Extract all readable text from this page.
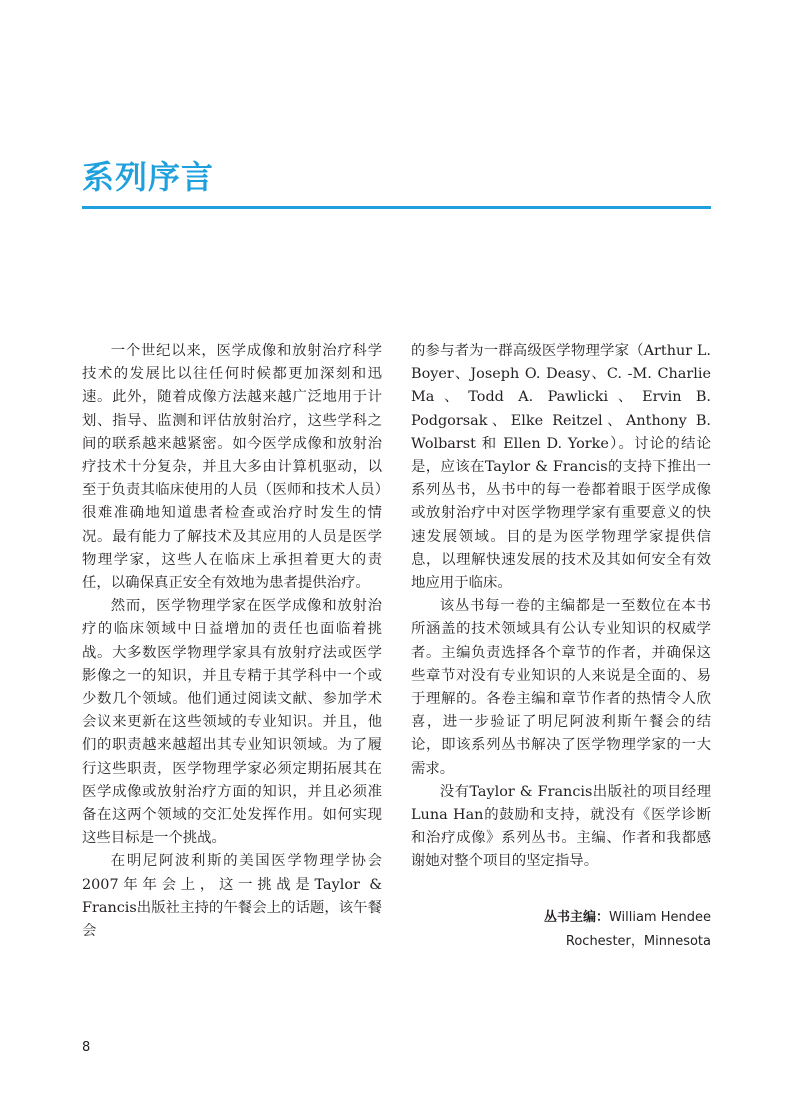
系列序言

一个世纪以来，医学成像和放射治疗科学技术的发展比以往任何时候都更加深刻和迅速。此外，随着成像方法越来越广泛地用于计划、指导、监测和评估放射治疗，这些学科之间的联系越来越紧密。如今医学成像和放射治疗技术十分复杂，并且大多由计算机驱动，以至于负责其临床使用的人员（医师和技术人员）很难准确地知道患者检查或治疗时发生的情况。最有能力了解技术及其应用的人员是医学物理学家，这些人在临床上承担着更大的责任，以确保真正安全有效地为患者提供治疗。

然而，医学物理学家在医学成像和放射治疗的临床领域中日益增加的责任也面临着挑战。大多数医学物理学家具有放射疗法或医学影像之一的知识，并且专精于其学科中一个或少数几个领域。他们通过阅读文献、参加学术会议来更新在这些领域的专业知识。并且，他们的职责越来越超出其专业知识领域。为了履行这些职责，医学物理学家必须定期拓展其在医学成像或放射治疗方面的知识，并且必须准备在这两个领域的交汇处发挥作用。如何实现这些目标是一个挑战。

在明尼阿波利斯的美国医学物理学协会2007年年会上，这一挑战是Taylor & Francis出版社主持的午餐会上的话题，该午餐会

的参与者为一群高级医学物理学家（Arthur L. Boyer、Joseph O. Deasy、C. -M. Charlie Ma、Todd A. Pawlicki、Ervin B. Podgorsak、Elke Reitzel、Anthony B. Wolbarst 和 Ellen D. Yorke）。讨论的结论是，应该在Taylor & Francis的支持下推出一系列丛书，丛书中的每一卷都着眼于医学成像或放射治疗中对医学物理学家有重要意义的快速发展领域。目的是为医学物理学家提供信息，以理解快速发展的技术及其如何安全有效地应用于临床。

该丛书每一卷的主编都是一至数位在本书所涵盖的技术领域具有公认专业知识的权威学者。主编负责选择各个章节的作者，并确保这些章节对没有专业知识的人来说是全面的、易于理解的。各卷主编和章节作者的热情令人欣喜，进一步验证了明尼阿波利斯午餐会的结论，即该系列丛书解决了医学物理学家的一大需求。

没有Taylor & Francis出版社的项目经理Luna Han的鼓励和支持，就没有《医学诊断和治疗成像》系列丛书。主编、作者和我都感谢她对整个项目的坚定指导。

丛书主编：William Hendee
Rochester，Minnesota
8
